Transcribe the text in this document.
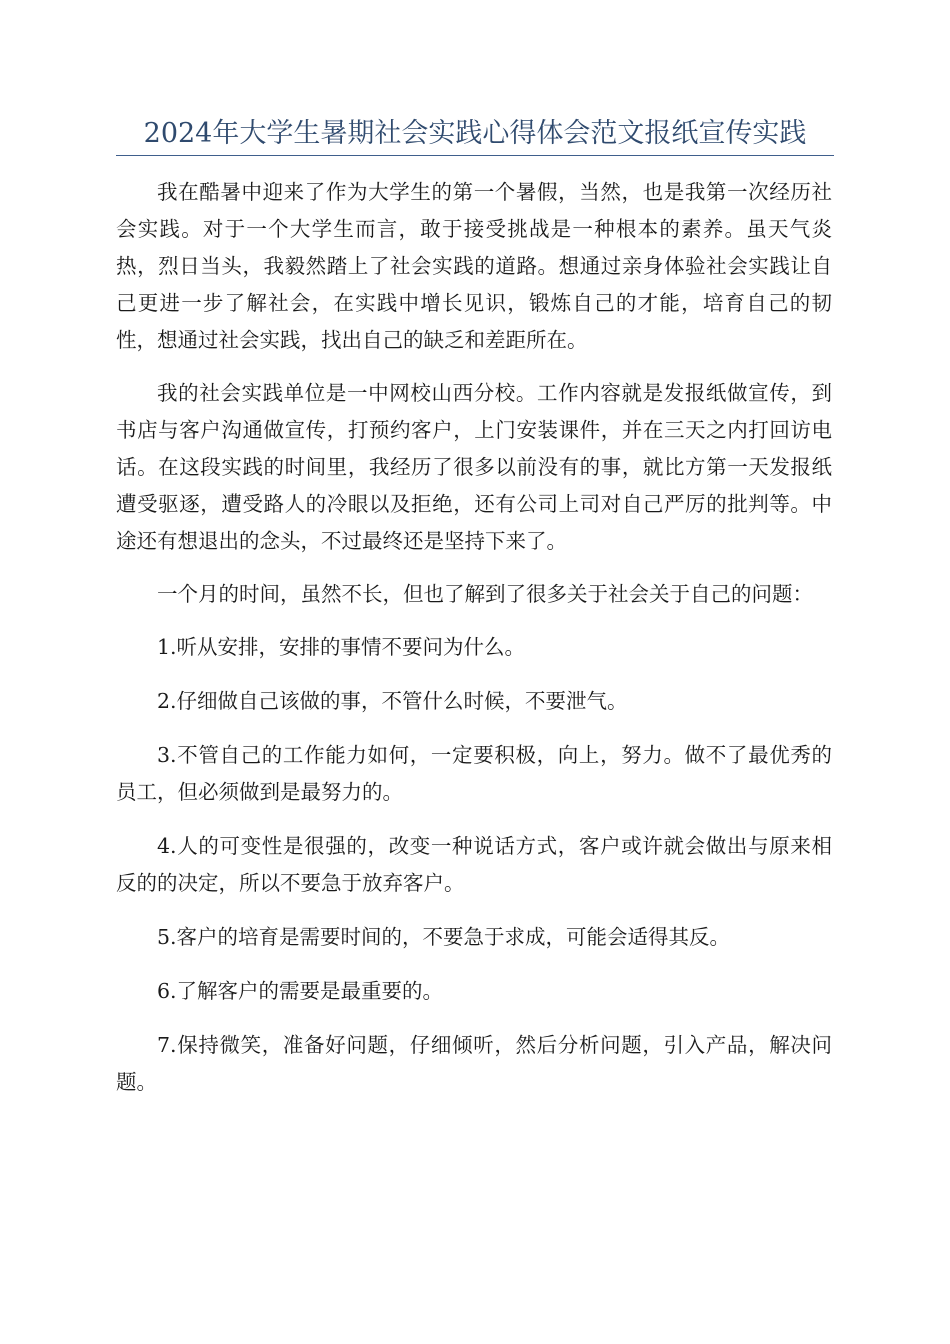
2024年大学生暑期社会实践心得体会范文报纸宣传实践

我在酷暑中迎来了作为大学生的第一个暑假，当然，也是我第一次经历社会实践。对于一个大学生而言，敢于接受挑战是一种根本的素养。虽天气炎热，烈日当头，我毅然踏上了社会实践的道路。想通过亲身体验社会实践让自己更进一步了解社会，在实践中增长见识，锻炼自己的才能，培育自己的韧性，想通过社会实践，找出自己的缺乏和差距所在。

我的社会实践单位是一中网校山西分校。工作内容就是发报纸做宣传，到书店与客户沟通做宣传，打预约客户，上门安装课件，并在三天之内打回访电话。在这段实践的时间里，我经历了很多以前没有的事，就比方第一天发报纸遭受驱逐，遭受路人的冷眼以及拒绝，还有公司上司对自己严厉的批判等。中途还有想退出的念头，不过最终还是坚持下来了。

一个月的时间，虽然不长，但也了解到了很多关于社会关于自己的问题：

1.听从安排，安排的事情不要问为什么。

2.仔细做自己该做的事，不管什么时候，不要泄气。

3.不管自己的工作能力如何，一定要积极，向上，努力。做不了最优秀的员工，但必须做到是最努力的。

4.人的可变性是很强的，改变一种说话方式，客户或许就会做出与原来相反的的决定，所以不要急于放弃客户。

5.客户的培育是需要时间的，不要急于求成，可能会适得其反。

6.了解客户的需要是最重要的。

7.保持微笑，准备好问题，仔细倾听，然后分析问题，引入产品，解决问题。
